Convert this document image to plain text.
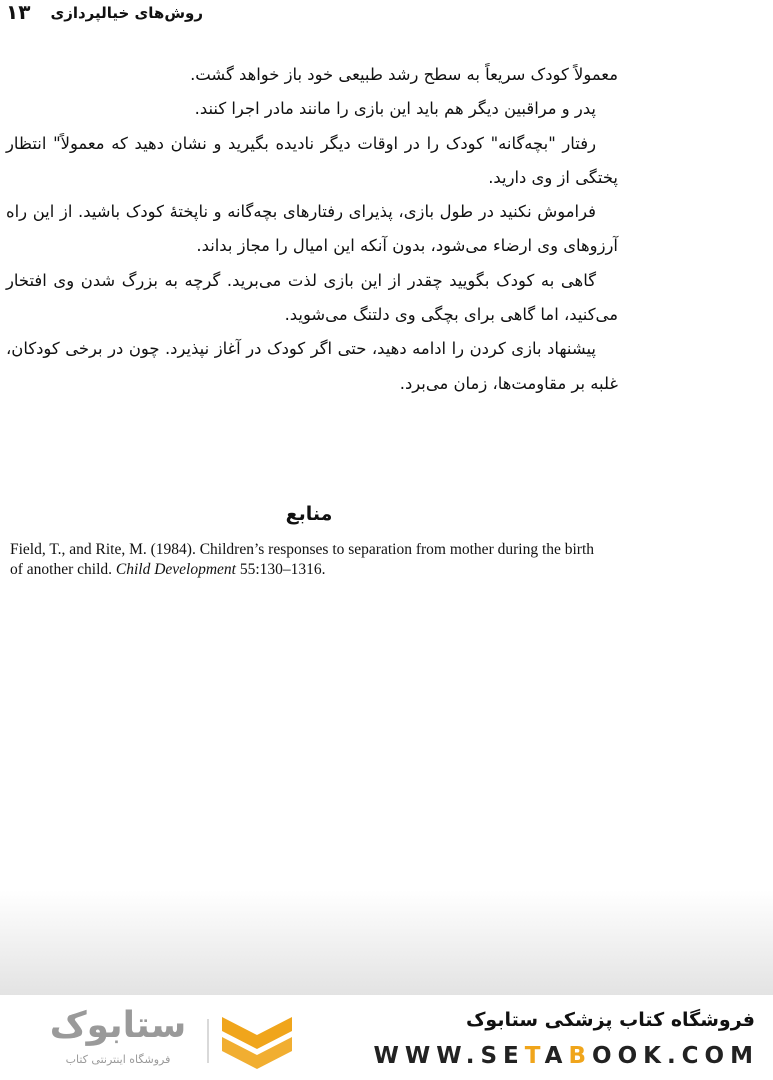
۱۳ روش‌های خیالپردازی

معمولاً کودک سریعاً به سطح رشد طبیعی خود باز خواهد گشت.

پدر و مراقبین دیگر هم باید این بازی را مانند مادر اجرا کنند.

رفتار "بچه‌گانه" کودک را در اوقات دیگر نادیده بگیرید و نشان دهید که معمولاً" انتظار پختگی از وی دارید.

فراموش نکنید در طول بازی، پذیرای رفتارهای بچه‌گانه و ناپختهٔ کودک باشید. از این راه آرزوهای وی ارضاء می‌شود، بدون آنکه این امیال را مجاز بداند.

گاهی به کودک بگویید چقدر از این بازی لذت می‌برید. گرچه به بزرگ شدن وی افتخار می‌کنید، اما گاهی برای بچگی وی دلتنگ می‌شوید.

پیشنهاد بازی کردن را ادامه دهید، حتی اگر کودک در آغاز نپذیرد. چون در برخی کودکان، غلبه بر مقاومت‌ها، زمان می‌برد.

منابع
Field, T., and Rite, M. (1984). Children’s responses to separation from mother during the birth of another child. Child Development 55:130–1316.
ستابوک
فروشگاه اینترنتی کتاب
فروشگاه کتاب پزشکی ستابوک
WWW.SETABOOK.COM
